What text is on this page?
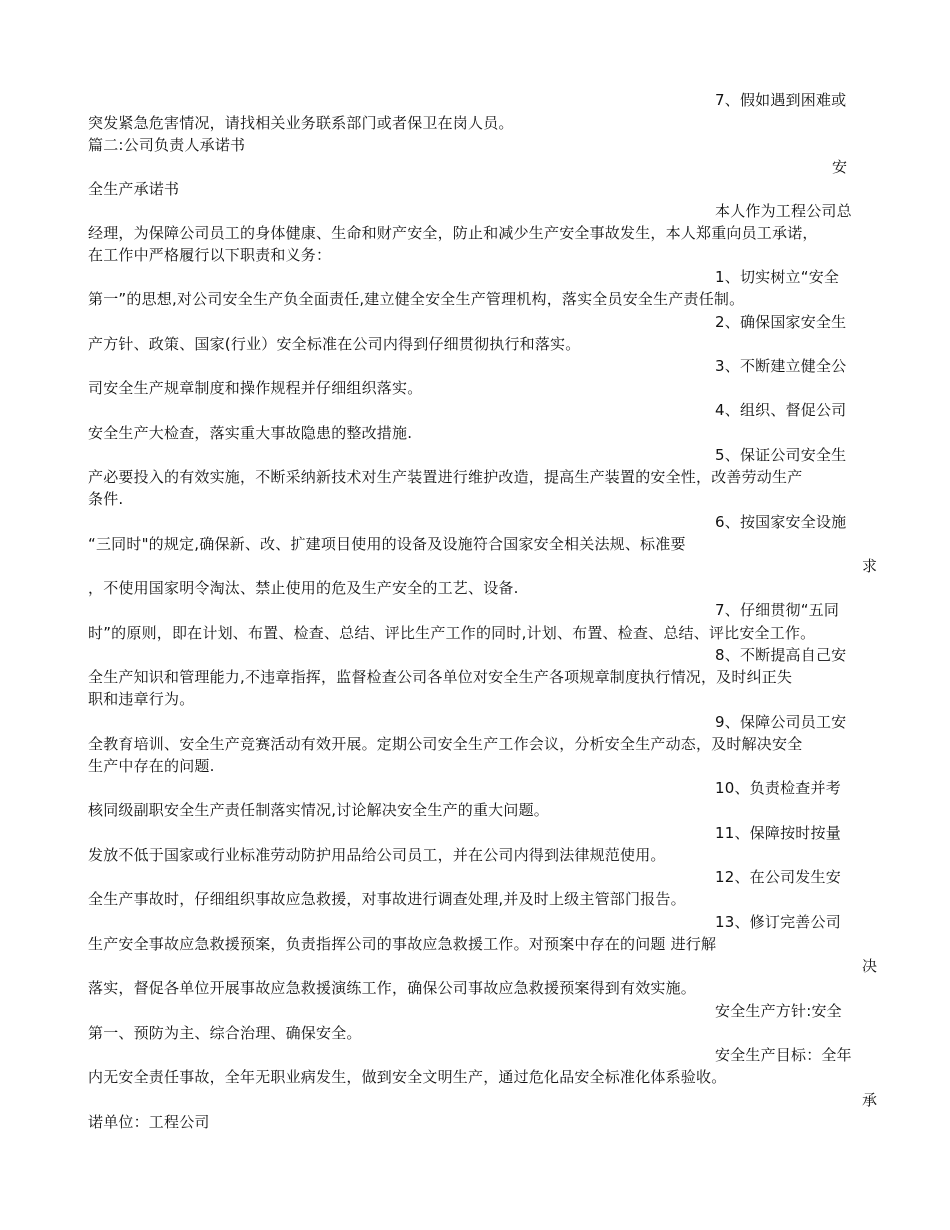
7、假如遇到困难或
突发紧急危害情况，请找相关业务联系部门或者保卫在岗人员。
篇二:公司负责人承诺书
安
全生产承诺书
本人作为工程公司总
经理，为保障公司员工的身体健康、生命和财产安全，防止和减少生产安全事故发生，本人郑重向员工承诺，
在工作中严格履行以下职责和义务：
1、切实树立“安全
第一”的思想,对公司安全生产负全面责任,建立健全安全生产管理机构，落实全员安全生产责任制。
2、确保国家安全生
产方针、政策、国家(行业）安全标准在公司内得到仔细贯彻执行和落实。
3、不断建立健全公
司安全生产规章制度和操作规程并仔细组织落实。
4、组织、督促公司
安全生产大检查，落实重大事故隐患的整改措施.
5、保证公司安全生
产必要投入的有效实施，不断采纳新技术对生产装置进行维护改造，提高生产装置的安全性，改善劳动生产
条件.
6、按国家安全设施
“三同时"的规定,确保新、改、扩建项目使用的设备及设施符合国家安全相关法规、标准要
求
，不使用国家明令淘汰、禁止使用的危及生产安全的工艺、设备.
7、仔细贯彻“五同
时”的原则，即在计划、布置、检查、总结、评比生产工作的同时,计划、布置、检查、总结、评比安全工作。
8、不断提高自己安
全生产知识和管理能力,不违章指挥，监督检查公司各单位对安全生产各项规章制度执行情况，及时纠正失
职和违章行为。
9、保障公司员工安
全教育培训、安全生产竞赛活动有效开展。定期公司安全生产工作会议，分析安全生产动态，及时解决安全
生产中存在的问题.
10、负责检查并考
核同级副职安全生产责任制落实情况,讨论解决安全生产的重大问题。
11、保障按时按量
发放不低于国家或行业标准劳动防护用品给公司员工，并在公司内得到法律规范使用。
12、在公司发生安
全生产事故时，仔细组织事故应急救援，对事故进行调查处理,并及时上级主管部门报告。
13、修订完善公司
生产安全事故应急救援预案，负责指挥公司的事故应急救援工作。对预案中存在的问题 进行解
决
落实，督促各单位开展事故应急救援演练工作，确保公司事故应急救援预案得到有效实施。
安全生产方针:安全
第一、预防为主、综合治理、确保安全。
安全生产目标：全年
内无安全责任事故，全年无职业病发生，做到安全文明生产，通过危化品安全标准化体系验收。
承
诺单位：工程公司
